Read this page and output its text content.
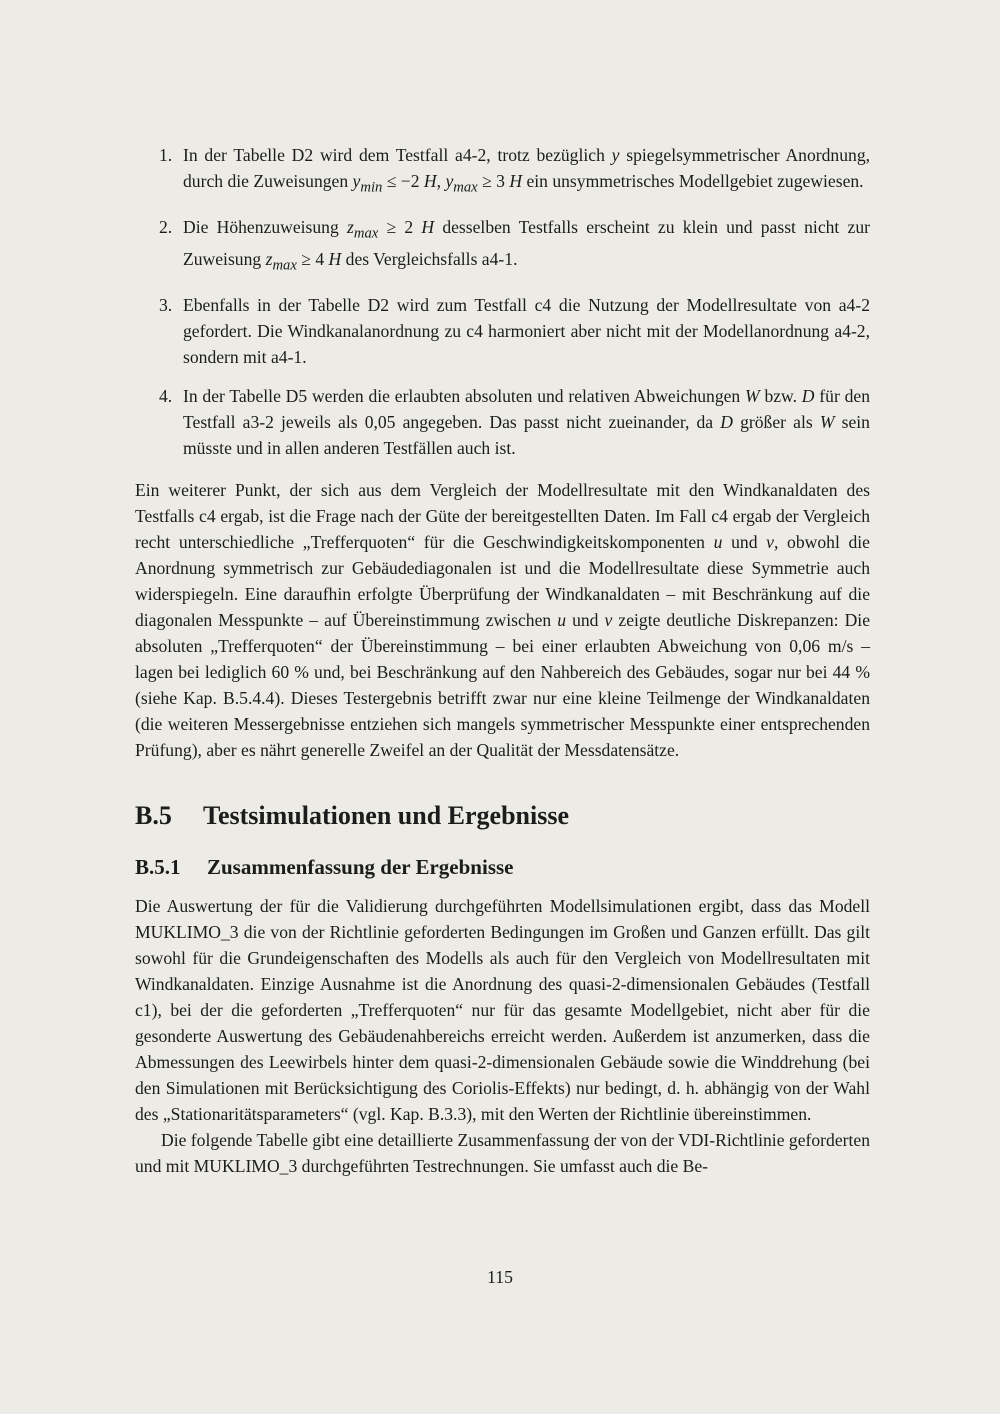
1. In der Tabelle D2 wird dem Testfall a4-2, trotz bezüglich y spiegelsymmetrischer Anordnung, durch die Zuweisungen $y_{min} \le -2$ H, $y_{max} \ge 3$ H ein unsymmetrisches Modellgebiet zugewiesen.
2. Die Höhenzuweisung $z_{max} \ge 2$ H desselben Testfalls erscheint zu klein und passt nicht zur Zuweisung $z_{max} \ge 4$ H des Vergleichsfalls a4-1.
3. Ebenfalls in der Tabelle D2 wird zum Testfall c4 die Nutzung der Modellresultate von a4-2 gefordert. Die Windkanalanordnung zu c4 harmoniert aber nicht mit der Modellanordnung a4-2, sondern mit a4-1.
4. In der Tabelle D5 werden die erlaubten absoluten und relativen Abweichungen W bzw. D für den Testfall a3-2 jeweils als 0,05 angegeben. Das passt nicht zueinander, da D größer als W sein müsste und in allen anderen Testfällen auch ist.

Ein weiterer Punkt, der sich aus dem Vergleich der Modellresultate mit den Windkanaldaten des Testfalls c4 ergab, ist die Frage nach der Güte der bereitgestellten Daten. Im Fall c4 ergab der Vergleich recht unterschiedliche „Trefferquoten“ für die Geschwindigkeitskomponenten u und v, obwohl die Anordnung symmetrisch zur Gebäudediagonalen ist und die Modellresultate diese Symmetrie auch widerspiegeln. Eine daraufhin erfolgte Überprüfung der Windkanaldaten – mit Beschränkung auf die diagonalen Messpunkte – auf Übereinstimmung zwischen u und v zeigte deutliche Diskrepanzen: Die absoluten „Trefferquoten“ der Übereinstimmung – bei einer erlaubten Abweichung von 0,06 m/s – lagen bei lediglich 60 % und, bei Beschränkung auf den Nahbereich des Gebäudes, sogar nur bei 44 % (siehe Kap. B.5.4.4). Dieses Testergebnis betrifft zwar nur eine kleine Teilmenge der Windkanaldaten (die weiteren Messergebnisse entziehen sich mangels symmetrischer Messpunkte einer entsprechenden Prüfung), aber es nährt generelle Zweifel an der Qualität der Messdatensätze.

B.5 Testsimulationen und Ergebnisse
B.5.1 Zusammenfassung der Ergebnisse

Die Auswertung der für die Validierung durchgeführten Modellsimulationen ergibt, dass das Modell MUKLIMO_3 die von der Richtlinie geforderten Bedingungen im Großen und Ganzen erfüllt. Das gilt sowohl für die Grundeigenschaften des Modells als auch für den Vergleich von Modellresultaten mit Windkanaldaten. Einzige Ausnahme ist die Anordnung des quasi-2-dimensionalen Gebäudes (Testfall c1), bei der die geforderten „Trefferquoten“ nur für das gesamte Modellgebiet, nicht aber für die gesonderte Auswertung des Gebäudenahbereichs erreicht werden. Außerdem ist anzumerken, dass die Abmessungen des Leewirbels hinter dem quasi-2-dimensionalen Gebäude sowie die Winddrehung (bei den Simulationen mit Berücksichtigung des Coriolis-Effekts) nur bedingt, d. h. abhängig von der Wahl des „Stationaritätsparameters“ (vgl. Kap. B.3.3), mit den Werten der Richtlinie übereinstimmen.

Die folgende Tabelle gibt eine detaillierte Zusammenfassung der von der VDI-Richtlinie geforderten und mit MUKLIMO_3 durchgeführten Testrechnungen. Sie umfasst auch die Be-

115
